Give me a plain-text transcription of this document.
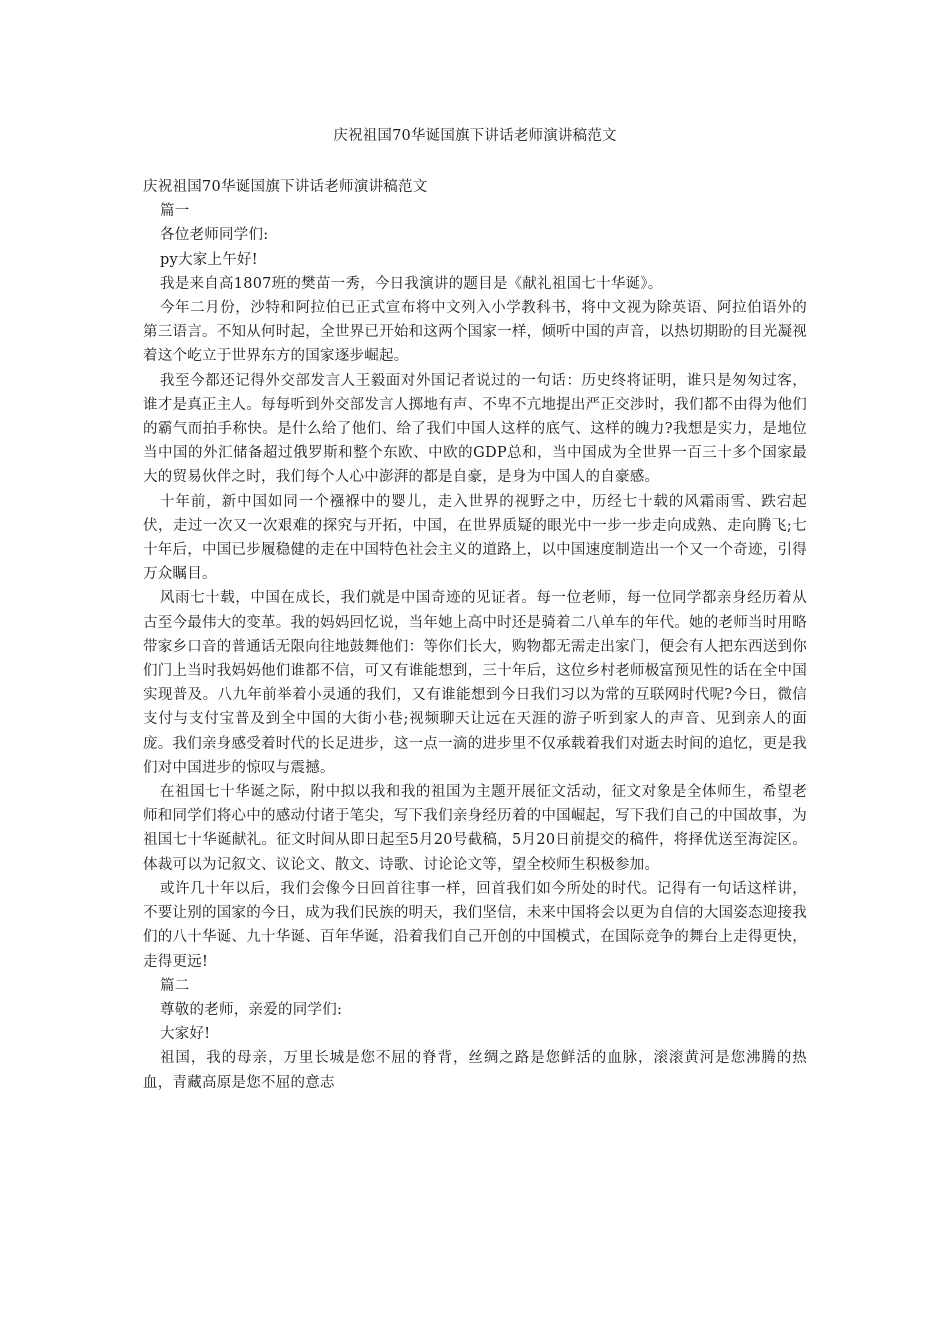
庆祝祖国70华诞国旗下讲话老师演讲稿范文

庆祝祖国70华诞国旗下讲话老师演讲稿范文

篇一

各位老师同学们:

py大家上午好!

我是来自高1807班的樊苗一秀，今日我演讲的题目是《献礼祖国七十华诞》。

今年二月份，沙特和阿拉伯已正式宣布将中文列入小学教科书，将中文视为除英语、阿拉伯语外的第三语言。不知从何时起，全世界已开始和这两个国家一样，倾听中国的声音，以热切期盼的目光凝视着这个屹立于世界东方的国家逐步崛起。

我至今都还记得外交部发言人王毅面对外国记者说过的一句话：历史终将证明，谁只是匆匆过客，谁才是真正主人。每每听到外交部发言人掷地有声、不卑不亢地提出严正交涉时，我们都不由得为他们的霸气而拍手称快。是什么给了他们、给了我们中国人这样的底气、这样的魄力?我想是实力，是地位当中国的外汇储备超过俄罗斯和整个东欧、中欧的GDP总和，当中国成为全世界一百三十多个国家最大的贸易伙伴之时，我们每个人心中澎湃的都是自豪，是身为中国人的自豪感。

十年前，新中国如同一个襁褓中的婴儿，走入世界的视野之中，历经七十载的风霜雨雪、跌宕起伏，走过一次又一次艰难的探究与开拓，中国，在世界质疑的眼光中一步一步走向成熟、走向腾飞;七十年后，中国已步履稳健的走在中国特色社会主义的道路上，以中国速度制造出一个又一个奇迹，引得万众瞩目。

风雨七十载，中国在成长，我们就是中国奇迹的见证者。每一位老师，每一位同学都亲身经历着从古至今最伟大的变革。我的妈妈回忆说，当年她上高中时还是骑着二八单车的年代。她的老师当时用略带家乡口音的普通话无限向往地鼓舞他们：等你们长大，购物都无需走出家门，便会有人把东西送到你们门上当时我妈妈他们谁都不信，可又有谁能想到，三十年后，这位乡村老师极富预见性的话在全中国实现普及。八九年前举着小灵通的我们，又有谁能想到今日我们习以为常的互联网时代呢?今日，微信支付与支付宝普及到全中国的大街小巷;视频聊天让远在天涯的游子听到家人的声音、见到亲人的面庞。我们亲身感受着时代的长足进步，这一点一滴的进步里不仅承载着我们对逝去时间的追忆，更是我们对中国进步的惊叹与震撼。

在祖国七十华诞之际，附中拟以我和我的祖国为主题开展征文活动，征文对象是全体师生，希望老师和同学们将心中的感动付诸于笔尖，写下我们亲身经历着的中国崛起，写下我们自己的中国故事，为祖国七十华诞献礼。征文时间从即日起至5月20号截稿，5月20日前提交的稿件，将择优送至海淀区。体裁可以为记叙文、议论文、散文、诗歌、讨论论文等，望全校师生积极参加。

或许几十年以后，我们会像今日回首往事一样，回首我们如今所处的时代。记得有一句话这样讲，不要让别的国家的今日，成为我们民族的明天，我们坚信，未来中国将会以更为自信的大国姿态迎接我们的八十华诞、九十华诞、百年华诞，沿着我们自己开创的中国模式，在国际竞争的舞台上走得更快，走得更远!

篇二

尊敬的老师，亲爱的同学们:

大家好!

祖国，我的母亲，万里长城是您不屈的脊背，丝绸之路是您鲜活的血脉，滚滚黄河是您沸腾的热血，青藏高原是您不屈的意志
